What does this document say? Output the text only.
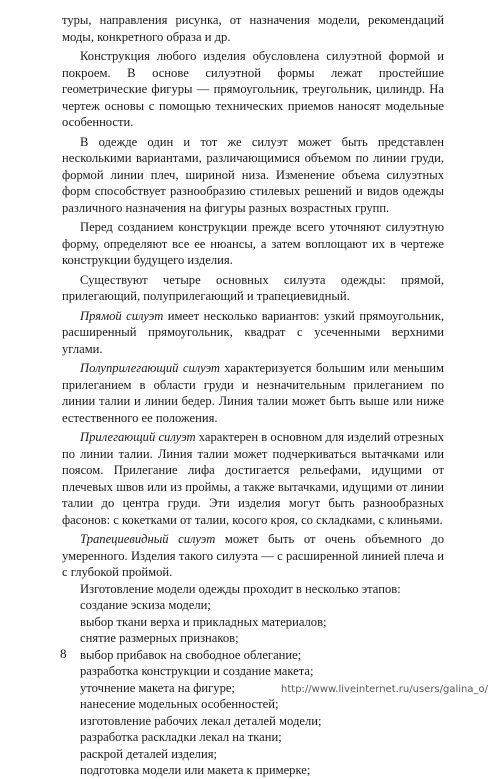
туры, направления рисунка, от назначения модели, рекомендаций моды, конкретного образа и др.

Конструкция любого изделия обусловлена силуэтной формой и покроем. В основе силуэтной формы лежат простейшие геометрические фигуры — прямоугольник, треугольник, цилиндр. На чертеж основы с помощью технических приемов наносят модельные особенности.

В одежде один и тот же силуэт может быть представлен несколькими вариантами, различающимися объемом по линии груди, формой линии плеч, шириной низа. Изменение объема силуэтных форм способствует разнообразию стилевых решений и видов одежды различного назначения на фигуры разных возрастных групп.

Перед созданием конструкции прежде всего уточняют силуэтную форму, определяют все ее нюансы, а затем воплощают их в чертеже конструкции будущего изделия.

Существуют четыре основных силуэта одежды: прямой, прилегающий, полуприлегающий и трапециевидный.

Прямой силуэт имеет несколько вариантов: узкий прямоугольник, расширенный прямоугольник, квадрат с усеченными верхними углами.

Полуприлегающий силуэт характеризуется большим или меньшим прилеганием в области груди и незначительным прилеганием по линии талии и линии бедер. Линия талии может быть выше или ниже естественного ее положения.

Прилегающий силуэт характерен в основном для изделий отрезных по линии талии. Линия талии может подчеркиваться вытачками или поясом. Прилегание лифа достигается рельефами, идущими от плечевых швов или из проймы, а также вытачками, идущими от линии талии до центра груди. Эти изделия могут быть разнообразных фасонов: с кокетками от талии, косого кроя, со складками, с клиньями.

Трапециевидный силуэт может быть от очень объемного до умеренного. Изделия такого силуэта — с расширенной линией плеча и с глубокой проймой.

Изготовление модели одежды проходит в несколько этапов:

создание эскиза модели;
выбор ткани верха и прикладных материалов;
снятие размерных признаков;
выбор прибавок на свободное облегание;
разработка конструкции и создание макета;
уточнение макета на фигуре;
нанесение модельных особенностей;
изготовление рабочих лекал деталей модели;
разработка раскладки лекал на ткани;
раскрой деталей изделия;
подготовка модели или макета к примерке;
8
http://www.liveinternet.ru/users/galina_o/
